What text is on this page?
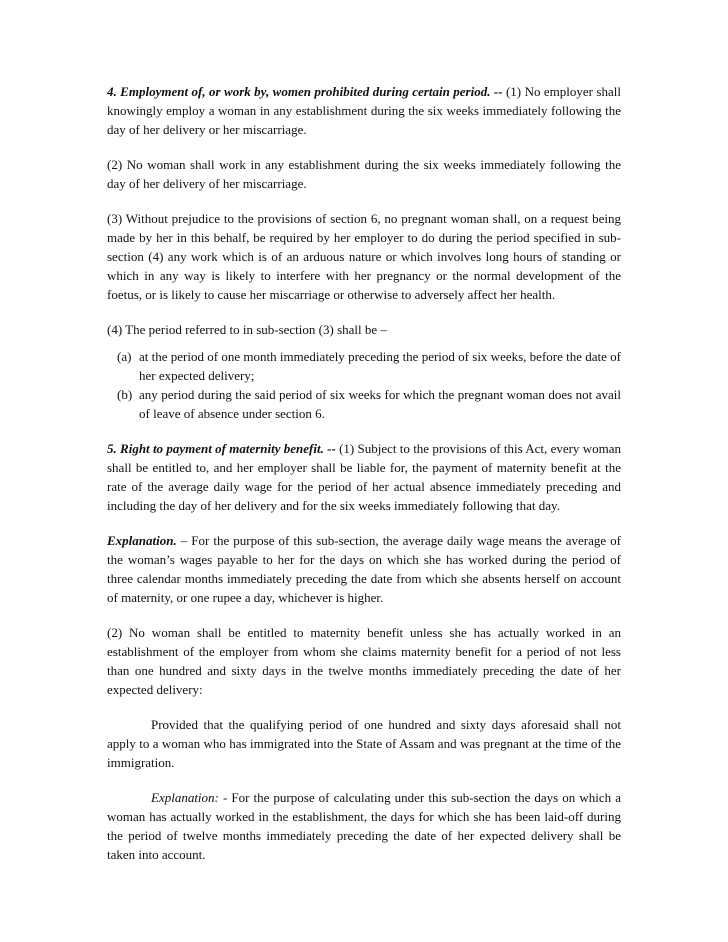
4. Employment of, or work by, women prohibited during certain period. -- (1) No employer shall knowingly employ a woman in any establishment during the six weeks immediately following the day of her delivery or her miscarriage.

(2) No woman shall work in any establishment during the six weeks immediately following the day of her delivery of her miscarriage.

(3) Without prejudice to the provisions of section 6, no pregnant woman shall, on a request being made by her in this behalf, be required by her employer to do during the period specified in sub-section (4) any work which is of an arduous nature or which involves long hours of standing or which in any way is likely to interfere with her pregnancy or the normal development of the foetus, or is likely to cause her miscarriage or otherwise to adversely affect her health.

(4) The period referred to in sub-section (3) shall be –

(a) at the period of one month immediately preceding the period of six weeks, before the date of her expected delivery;
(b) any period during the said period of six weeks for which the pregnant woman does not avail of leave of absence under section 6.

5. Right to payment of maternity benefit. -- (1) Subject to the provisions of this Act, every woman shall be entitled to, and her employer shall be liable for, the payment of maternity benefit at the rate of the average daily wage for the period of her actual absence immediately preceding and including the day of her delivery and for the six weeks immediately following that day.

Explanation. – For the purpose of this sub-section, the average daily wage means the average of the woman’s wages payable to her for the days on which she has worked during the period of three calendar months immediately preceding the date from which she absents herself on account of maternity, or one rupee a day, whichever is higher.

(2) No woman shall be entitled to maternity benefit unless she has actually worked in an establishment of the employer from whom she claims maternity benefit for a period of not less than one hundred and sixty days in the twelve months immediately preceding the date of her expected delivery:

Provided that the qualifying period of one hundred and sixty days aforesaid shall not apply to a woman who has immigrated into the State of Assam and was pregnant at the time of the immigration.

Explanation: - For the purpose of calculating under this sub-section the days on which a woman has actually worked in the establishment, the days for which she has been laid-off during the period of twelve months immediately preceding the date of her expected delivery shall be taken into account.
